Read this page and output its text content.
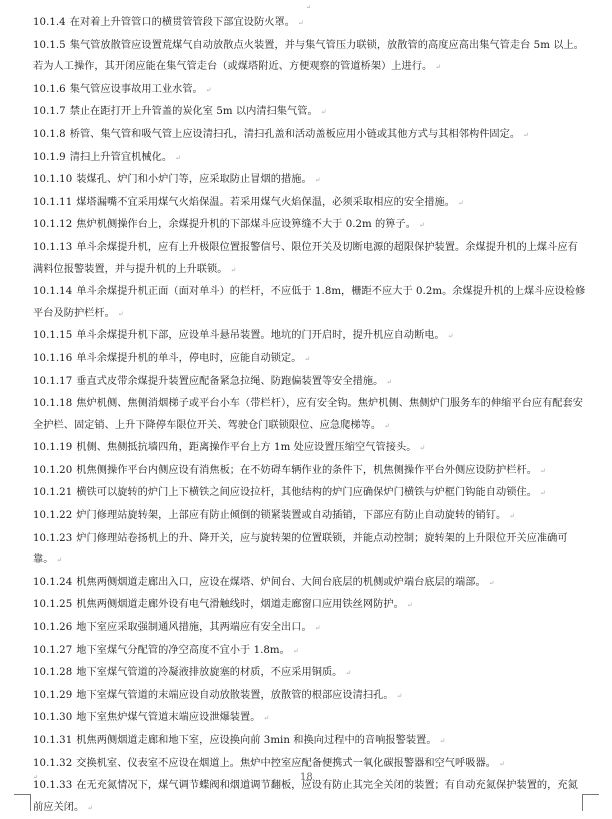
↵

10.1.4 在对着上升管管口的横贯管管段下部宜设防火罩。 ↵

10.1.5 集气管放散管应设置荒煤气自动放散点火装置，并与集气管压力联锁，放散管的高度应高出集气管走台 5m 以上。若为人工操作，其开闭应能在集气管走台（或煤塔附近、方便观察的管道桥架）上进行。 ↵

10.1.6 集气管应设事故用工业水管。 ↵

10.1.7 禁止在距打开上升管盖的炭化室 5m 以内清扫集气管。 ↵

10.1.8 桥管、集气管和吸气管上应设清扫孔，清扫孔盖和活动盖板应用小链或其他方式与其相邻构件固定。 ↵

10.1.9 清扫上升管宜机械化。 ↵

10.1.10 装煤孔、炉门和小炉门等，应采取防止冒烟的措施。 ↵

10.1.11 煤塔漏嘴不宜采用煤气火焰保温。若采用煤气火焰保温，必须采取相应的安全措施。 ↵

10.1.12 焦炉机侧操作台上，余煤提升机的下部煤斗应设箅缝不大于 0.2m 的箅子。 ↵

10.1.13 单斗余煤提升机，应有上升极限位置报警信号、限位开关及切断电源的超限保护装置。余煤提升机的上煤斗应有满料位报警装置，并与提升机的上升联锁。 ↵

10.1.14 单斗余煤提升机正面（面对单斗）的栏杆，不应低于 1.8m，栅距不应大于 0.2m。余煤提升机的上煤斗应设检修平台及防护栏杆。 ↵

10.1.15 单斗余煤提升机下部，应设单斗悬吊装置。地坑的门开启时，提升机应自动断电。 ↵

10.1.16 单斗余煤提升机的单斗，停电时，应能自动锁定。 ↵

10.1.17 垂直式皮带余煤提升装置应配备紧急拉绳、防跑偏装置等安全措施。 ↵

10.1.18 焦炉机侧、焦侧消烟梯子或平台小车（带栏杆），应有安全钩。焦炉机侧、焦侧炉门服务车的伸缩平台应有配套安全护栏、固定销、上升下降停车限位开关、驾驶仓门联锁限位、应急爬梯等。 ↵

10.1.19 机侧、焦侧抵抗墙四角，距离操作平台上方 1m 处应设置压缩空气管接头。 ↵

10.1.20 机焦侧操作平台内侧应设有消焦板；在不妨碍车辆作业的条件下，机焦侧操作平台外侧应设防护栏杆。 ↵

10.1.21 横铁可以旋转的炉门上下横铁之间应设拉杆，其他结构的炉门应确保炉门横铁与炉框门钩能自动锁住。 ↵

10.1.22 炉门修理站旋转架，上部应有防止倾倒的锁紧装置或自动插销，下部应有防止自动旋转的销钉。 ↵

10.1.23 炉门修理站卷扬机上的升、降开关，应与旋转架的位置联锁，并能点动控制；旋转架的上升限位开关应准确可靠。 ↵

10.1.24 机焦两侧烟道走廊出入口，应设在煤塔、炉间台、大间台底层的机侧或炉端台底层的端部。 ↵

10.1.25 机焦两侧烟道走廊外设有电气滑触线时，烟道走廊窗口应用铁丝网防护。 ↵

10.1.26 地下室应采取强制通风措施，其两端应有安全出口。 ↵

10.1.27 地下室煤气分配管的净空高度不宜小于 1.8m。 ↵

10.1.28 地下室煤气管道的冷凝液排放旋塞的材质，不应采用铜质。 ↵

10.1.29 地下室煤气管道的末端应设自动放散装置，放散管的根部应设清扫孔。 ↵

10.1.30 地下室焦炉煤气管道末端应设泄爆装置。 ↵

10.1.31 机焦两侧烟道走廊和地下室，应设换向前 3min 和换向过程中的音响报警装置。 ↵

10.1.32 交换机室、仪表室不应设在烟道上。焦炉中控室应配备便携式一氧化碳报警器和空气呼吸器。 ↵

10.1.33 在无充氮情况下，煤气调节蝶阀和烟道调节翻板，应设有防止其完全关闭的装置；有自动充氮保护装置的，充氮前应关闭。 ↵

↵	18
